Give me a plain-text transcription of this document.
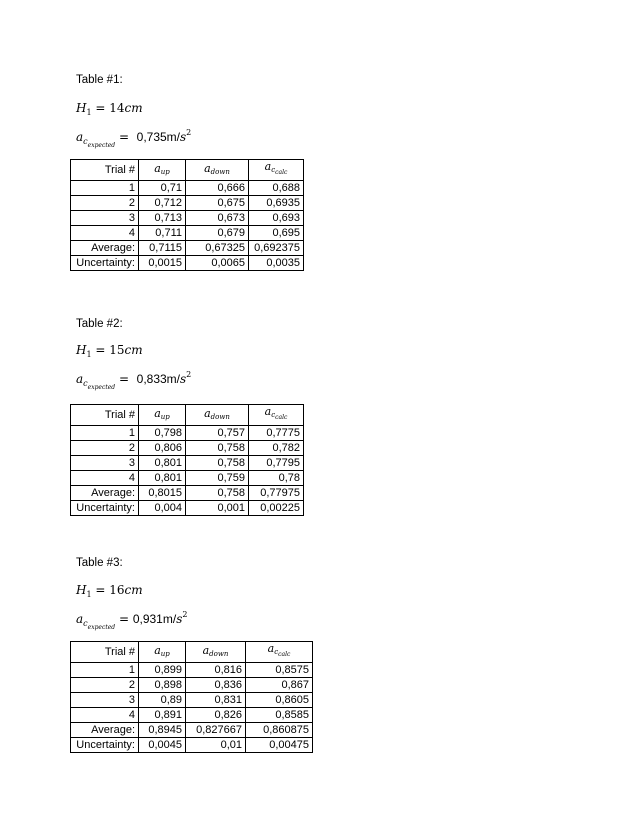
Table #1:
$H_1 = 14cm$
$a_{c_{expected}} = 0,735m/s^2$
Trial #	$a_{up}$	$a_{down}$	$a_{c_{calc}}$
1	0,71	0,666	0,688
2	0,712	0,675	0,6935
3	0,713	0,673	0,693
4	0,711	0,679	0,695
Average:	0,7115	0,67325	0,692375
Uncertainty:	0,0015	0,0065	0,0035
Table #2:
$H_1 = 15cm$
$a_{c_{expected}} = 0,833m/s^2$
Trial #	$a_{up}$	$a_{down}$	$a_{c_{calc}}$
1	0,798	0,757	0,7775
2	0,806	0,758	0,782
3	0,801	0,758	0,7795
4	0,801	0,759	0,78
Average:	0,8015	0,758	0,77975
Uncertainty:	0,004	0,001	0,00225
Table #3:
$H_1 = 16cm$
$a_{c_{expected}} = 0,931m/s^2$
Trial #	$a_{up}$	$a_{down}$	$a_{c_{calc}}$
1	0,899	0,816	0,8575
2	0,898	0,836	0,867
3	0,89	0,831	0,8605
4	0,891	0,826	0,8585
Average:	0,8945	0,827667	0,860875
Uncertainty:	0,0045	0,01	0,00475
